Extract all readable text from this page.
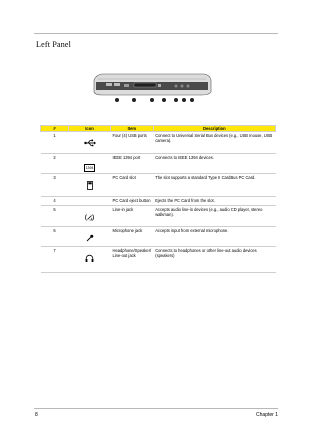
Left Panel
#	Icon	Item	Description
1		Four (4) USB ports	Connect to Universal Serial Bus devices (e.g., USB mouse, USB camera).
2	1394	IEEE 1394 port	Connects to IEEE 1394 devices.
3		PC Card slot	The slot supports a standard Type II CardBus PC Card.
4		PC Card eject button	Ejects the PC Card from the slot.
5		Line-in jack	Accepts audio line-in devices (e.g., audio CD player, stereo walkman).
6		Microphone jack	Accepts input from external microphone.
7		Headphone/Speaker/ Line-out jack	Connects to headphones or other line-out audio devices (speakers)
8	Chapter 1
